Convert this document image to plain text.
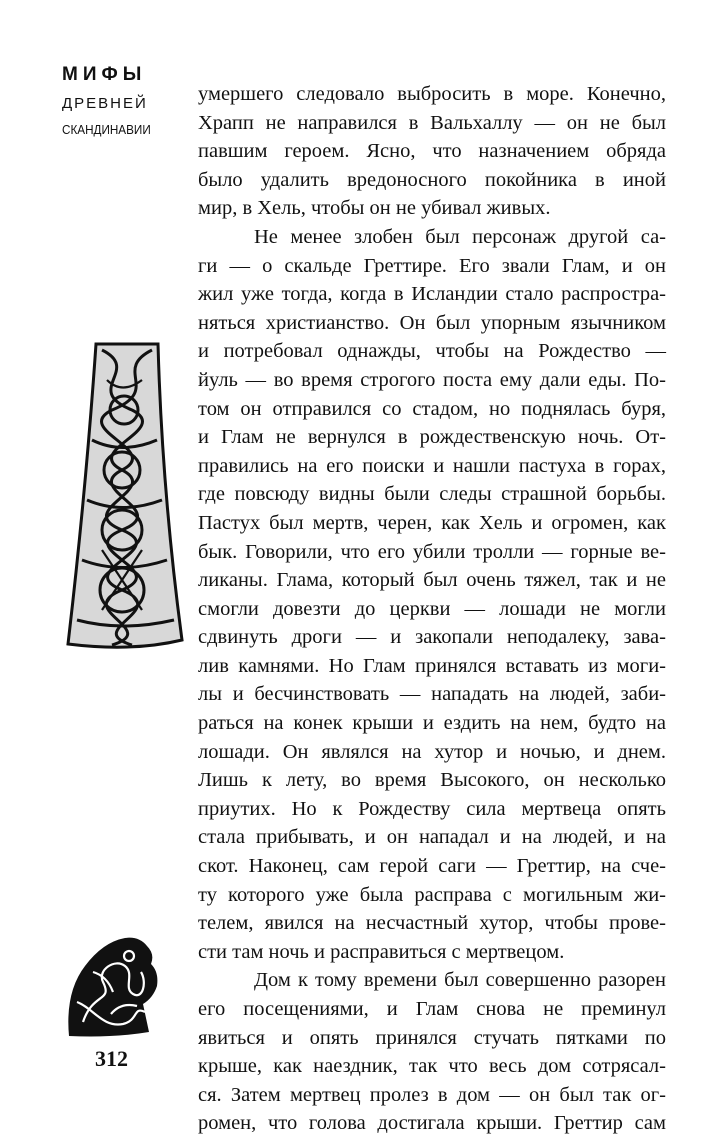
МИФЫ
ДРЕВНЕЙ
СКАНДИНАВИИ

умершего следовало выбросить в море. Конечно,
Храпп не направился в Вальхаллу — он не был
павшим героем. Ясно, что назначением обряда
было удалить вредоносного покойника в иной
мир, в Хель, чтобы он не убивал живых.

Не менее злобен был персонаж другой са-
ги — о скальде Греттире. Его звали Глам, и он
жил уже тогда, когда в Исландии стало распростра-
няться христианство. Он был упорным язычником
и потребовал однажды, чтобы на Рождество —
йуль — во время строгого поста ему дали еды. По-
том он отправился со стадом, но поднялась буря,
и Глам не вернулся в рождественскую ночь. От-
правились на его поиски и нашли пастуха в горах,
где повсюду видны были следы страшной борьбы.
Пастух был мертв, черен, как Хель и огромен, как
бык. Говорили, что его убили тролли — горные ве-
ликаны. Глама, который был очень тяжел, так и не
смогли довезти до церкви — лошади не могли
сдвинуть дроги — и закопали неподалеку, зава-
лив камнями. Но Глам принялся вставать из моги-
лы и бесчинствовать — нападать на людей, заби-
раться на конек крыши и ездить на нем, будто на
лошади. Он являлся на хутор и ночью, и днем.
Лишь к лету, во время Высокого, он несколько
приутих. Но к Рождеству сила мертвеца опять
стала прибывать, и он нападал и на людей, и на
скот. Наконец, сам герой саги — Греттир, на сче-
ту которого уже была расправа с могильным жи-
телем, явился на несчастный хутор, чтобы прове-
сти там ночь и расправиться с мертвецом.

Дом к тому времени был совершенно разорен
его посещениями, и Глам снова не преминул
явиться и опять принялся стучать пятками по
крыше, как наездник, так что весь дом сотрясал-
ся. Затем мертвец пролез в дом — он был так ог-
ромен, что голова достигала крыши. Греттир сам

312
